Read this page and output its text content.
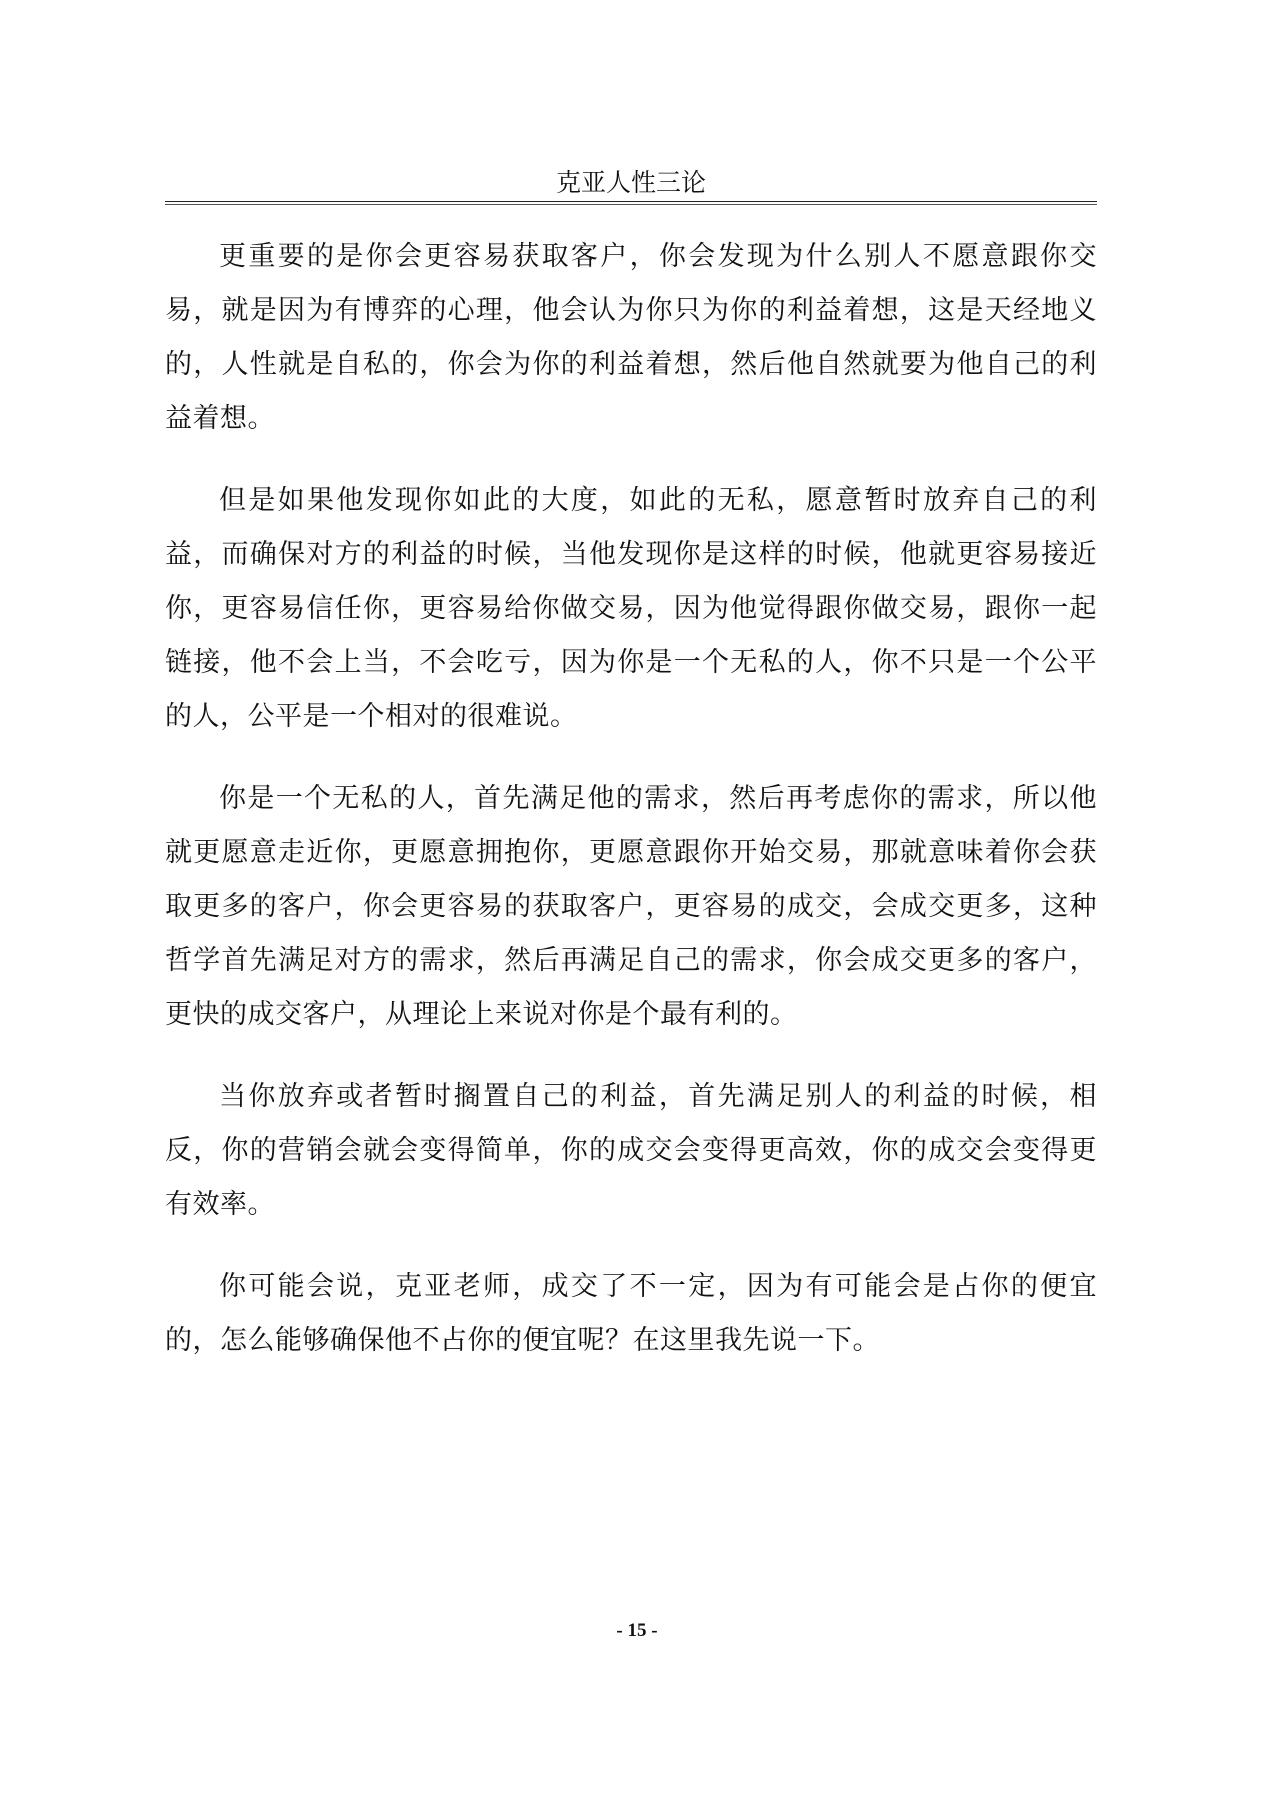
克亚人性三论

更重要的是你会更容易获取客户，你会发现为什么别人不愿意跟你交易，就是因为有博弈的心理，他会认为你只为你的利益着想，这是天经地义的，人性就是自私的，你会为你的利益着想，然后他自然就要为他自己的利益着想。

但是如果他发现你如此的大度，如此的无私，愿意暂时放弃自己的利益，而确保对方的利益的时候，当他发现你是这样的时候，他就更容易接近你，更容易信任你，更容易给你做交易，因为他觉得跟你做交易，跟你一起链接，他不会上当，不会吃亏，因为你是一个无私的人，你不只是一个公平的人，公平是一个相对的很难说。

你是一个无私的人，首先满足他的需求，然后再考虑你的需求，所以他就更愿意走近你，更愿意拥抱你，更愿意跟你开始交易，那就意味着你会获取更多的客户，你会更容易的获取客户，更容易的成交，会成交更多，这种哲学首先满足对方的需求，然后再满足自己的需求，你会成交更多的客户，更快的成交客户，从理论上来说对你是个最有利的。

当你放弃或者暂时搁置自己的利益，首先满足别人的利益的时候，相反，你的营销会就会变得简单，你的成交会变得更高效，你的成交会变得更有效率。

你可能会说，克亚老师，成交了不一定，因为有可能会是占你的便宜的，怎么能够确保他不占你的便宜呢？在这里我先说一下。

- 15 -
